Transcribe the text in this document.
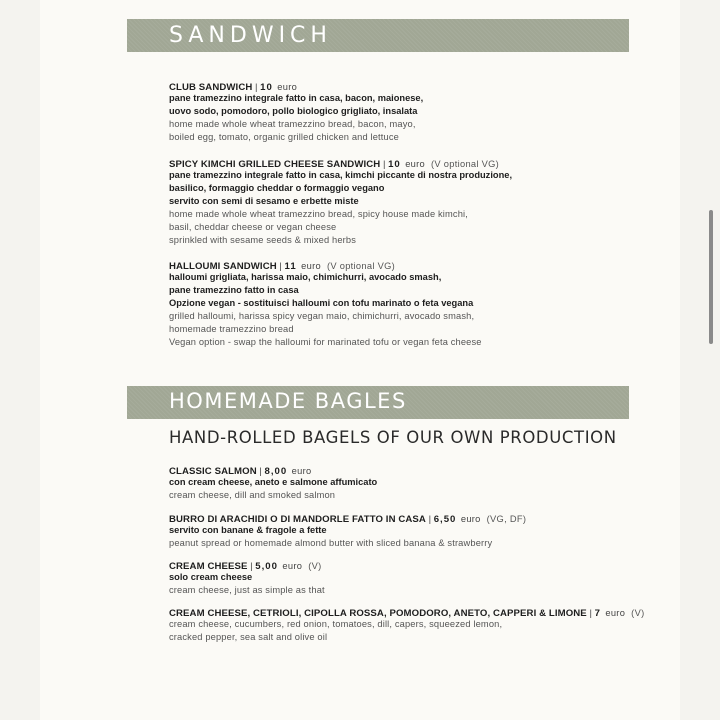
SANDWICH
CLUB SANDWICH | 10 euro
pane tramezzino integrale fatto in casa, bacon, maionese,
uovo sodo, pomodoro, pollo biologico grigliato, insalata
home made whole wheat tramezzino bread, bacon, mayo,
boiled egg, tomato, organic grilled chicken and lettuce
SPICY KIMCHI GRILLED CHEESE SANDWICH | 10 euro (V optional VG)
pane tramezzino integrale fatto in casa, kimchi piccante di nostra produzione,
basilico, formaggio cheddar o formaggio vegano
servito con semi di sesamo e erbette miste
home made whole wheat tramezzino bread, spicy house made kimchi,
basil, cheddar cheese or vegan cheese
sprinkled with sesame seeds & mixed herbs
HALLOUMI SANDWICH | 11 euro (V optional VG)
halloumi grigliata, harissa maio, chimichurri, avocado smash,
pane tramezzino fatto in casa
Opzione vegan - sostituisci halloumi con tofu marinato o feta vegana
grilled halloumi, harissa spicy vegan maio, chimichurri, avocado smash,
homemade tramezzino bread
Vegan option - swap the halloumi for marinated tofu or vegan feta cheese
HOMEMADE BAGLES
HAND-ROLLED BAGELS OF OUR OWN PRODUCTION
CLASSIC SALMON | 8,00 euro
con cream cheese, aneto e salmone affumicato
cream cheese, dill and smoked salmon
BURRO DI ARACHIDI O DI MANDORLE FATTO IN CASA | 6,50 euro (VG, DF)
servito con banane & fragole a fette
peanut spread or homemade almond butter with sliced banana & strawberry
CREAM CHEESE | 5,00 euro (V)
solo cream cheese
cream cheese, just as simple as that
CREAM CHEESE, CETRIOLI, CIPOLLA ROSSA, POMODORO, ANETO, CAPPERI & LIMONE | 7 euro (V)
cream cheese, cucumbers, red onion, tomatoes, dill, capers, squeezed lemon,
cracked pepper, sea salt and olive oil
